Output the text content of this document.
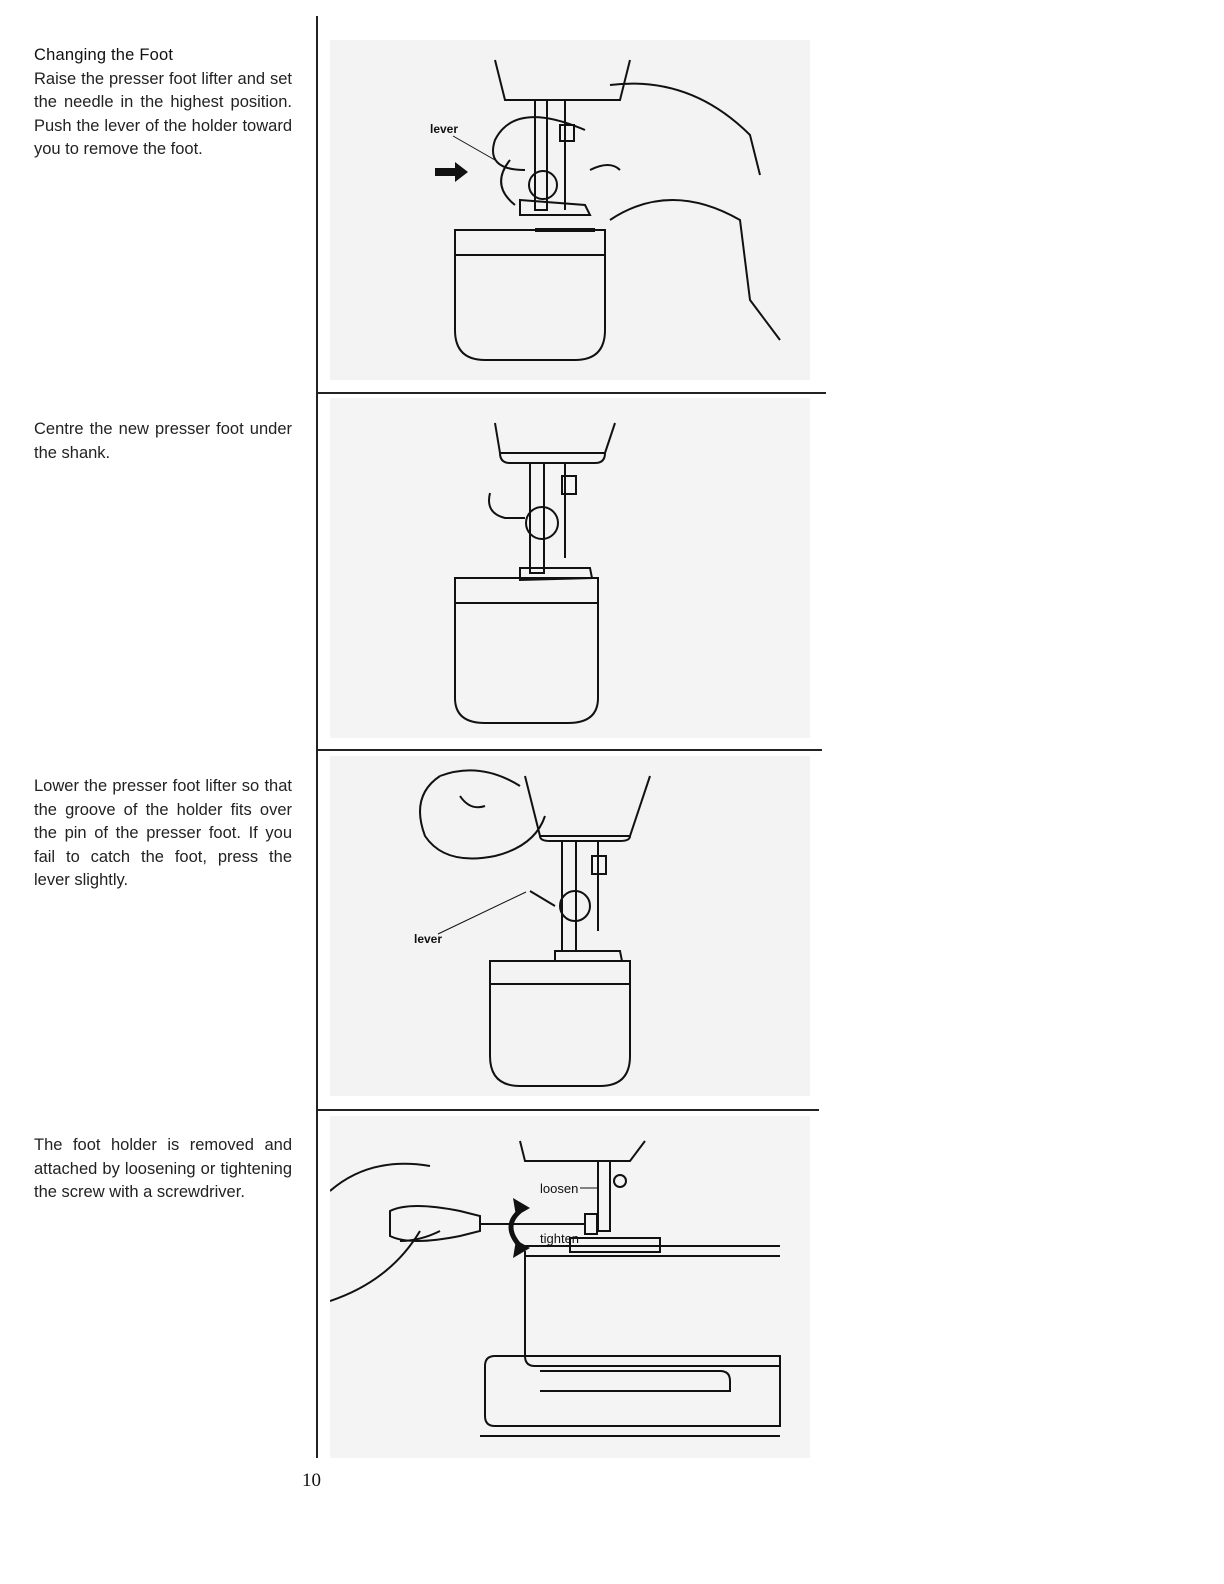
Changing the Foot

Raise the presser foot lifter and set the needle in the highest position. Push the lever of the holder toward you to remove the foot.

Centre the new presser foot under the shank.

Lower the presser foot lifter so that the groove of the holder fits over the pin of the presser foot. If you fail to catch the foot, press the lever slightly.

The foot holder is removed and attached by loosening or tightening the screw with a screwdriver.

lever
lever
loosen
tighten
10
